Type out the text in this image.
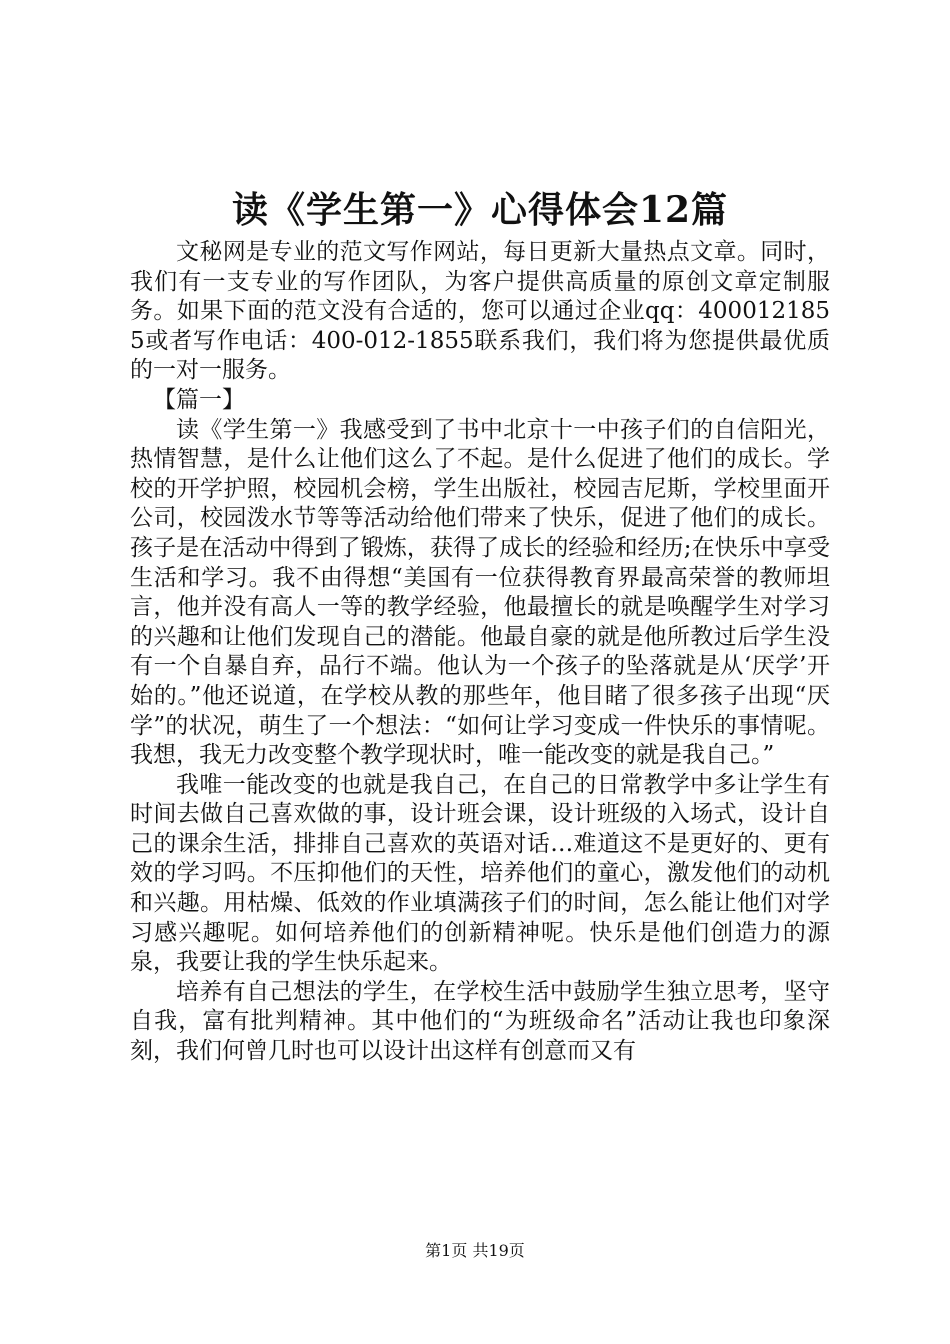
读《学生第一》心得体会12篇

文秘网是专业的范文写作网站，每日更新大量热点文章。同时，我们有一支专业的写作团队，为客户提供高质量的原创文章定制服务。如果下面的范文没有合适的，您可以通过企业qq：4000121855或者写作电话：400-012-1855联系我们，我们将为您提供最优质的一对一服务。

【篇一】

读《学生第一》我感受到了书中北京十一中孩子们的自信阳光，热情智慧，是什么让他们这么了不起。是什么促进了他们的成长。学校的开学护照，校园机会榜，学生出版社，校园吉尼斯，学校里面开公司，校园泼水节等等活动给他们带来了快乐，促进了他们的成长。孩子是在活动中得到了锻炼，获得了成长的经验和经历;在快乐中享受生活和学习。我不由得想“美国有一位获得教育界最高荣誉的教师坦言，他并没有高人一等的教学经验，他最擅长的就是唤醒学生对学习的兴趣和让他们发现自己的潜能。他最自豪的就是他所教过后学生没有一个自暴自弃，品行不端。他认为一个孩子的坠落就是从‘厌学’开始的。”他还说道，在学校从教的那些年，他目睹了很多孩子出现“厌学”的状况，萌生了一个想法：“如何让学习变成一件快乐的事情呢。我想，我无力改变整个教学现状时，唯一能改变的就是我自己。”

我唯一能改变的也就是我自己，在自己的日常教学中多让学生有时间去做自己喜欢做的事，设计班会课，设计班级的入场式，设计自己的课余生活，排排自己喜欢的英语对话…难道这不是更好的、更有效的学习吗。不压抑他们的天性，培养他们的童心，激发他们的动机和兴趣。用枯燥、低效的作业填满孩子们的时间，怎么能让他们对学习感兴趣呢。如何培养他们的创新精神呢。快乐是他们创造力的源泉，我要让我的学生快乐起来。

培养有自己想法的学生，在学校生活中鼓励学生独立思考，坚守自我，富有批判精神。其中他们的“为班级命名”活动让我也印象深刻，我们何曾几时也可以设计出这样有创意而又有

第1页 共19页
